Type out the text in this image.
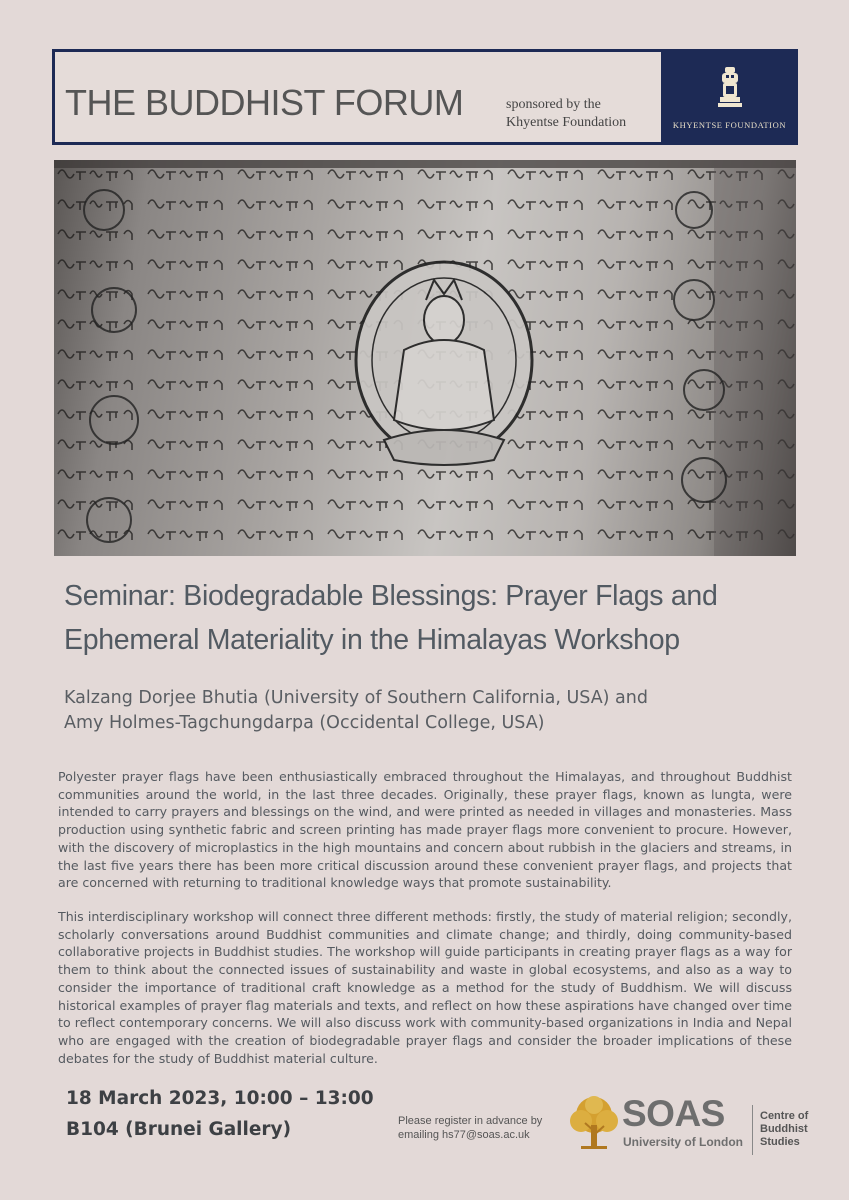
THE BUDDHIST FORUM	sponsored by the
Khyentse Foundation	KHYENTSE FOUNDATION
Seminar: Biodegradable Blessings: Prayer Flags and
Ephemeral Materiality in the Himalayas Workshop
Kalzang Dorjee Bhutia (University of Southern California, USA) and
Amy Holmes-Tagchungdarpa (Occidental College, USA)
Polyester prayer flags have been enthusiastically embraced throughout the Himalayas, and throughout Buddhist communities around the world, in the last three decades. Originally, these prayer flags, known as lungta, were intended to carry prayers and blessings on the wind, and were printed as needed in villages and monasteries. Mass production using synthetic fabric and screen printing has made prayer flags more convenient to procure. However, with the discovery of microplastics in the high mountains and concern about rubbish in the glaciers and streams, in the last five years there has been more critical discussion around these convenient prayer flags, and projects that are concerned with returning to traditional knowledge ways that promote sustainability.
This interdisciplinary workshop will connect three different methods: firstly, the study of material religion; secondly, scholarly conversations around Buddhist communities and climate change; and thirdly, doing community-based collaborative projects in Buddhist studies. The workshop will guide participants in creating prayer flags as a way for them to think about the connected issues of sustainability and waste in global ecosystems, and also as a way to consider the importance of traditional craft knowledge as a method for the study of Buddhism. We will discuss historical examples of prayer flag materials and texts, and reflect on how these aspirations have changed over time to reflect contemporary concerns. We will also discuss work with community-based organizations in India and Nepal who are engaged with the creation of biodegradable prayer flags and consider the broader implications of these debates for the study of Buddhist material culture.
18 March 2023, 10:00 – 13:00
B104 (Brunei Gallery)	Please register in advance by
emailing hs77@soas.ac.uk
SOAS
University of London
Centre of
Buddhist
Studies
